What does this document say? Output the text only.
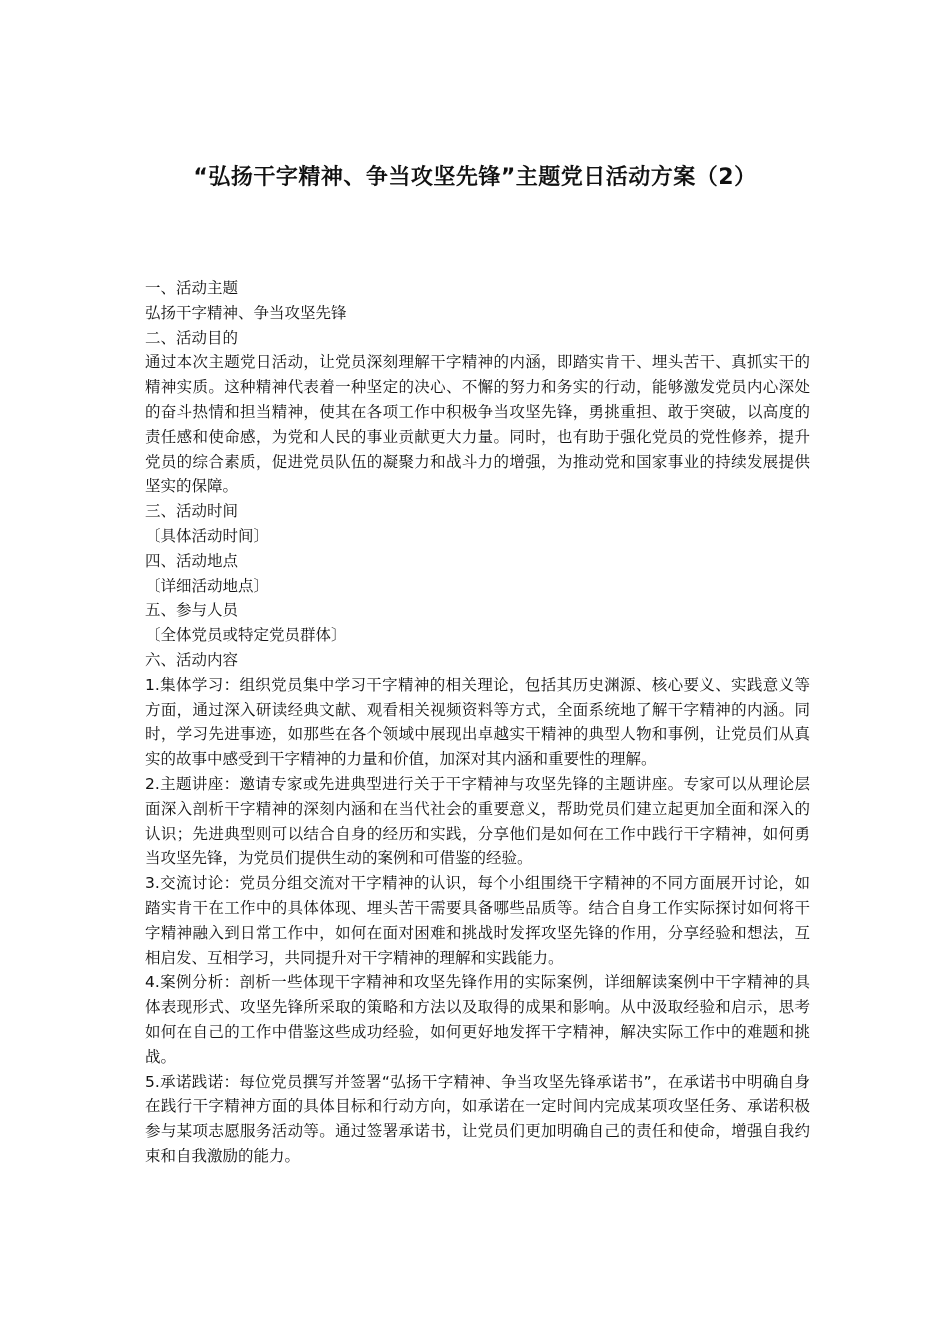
“弘扬干字精神、争当攻坚先锋”主题党日活动方案（2）

一、活动主题

弘扬干字精神、争当攻坚先锋

二、活动目的

通过本次主题党日活动，让党员深刻理解干字精神的内涵，即踏实肯干、埋头苦干、真抓实干的精神实质。这种精神代表着一种坚定的决心、不懈的努力和务实的行动，能够激发党员内心深处的奋斗热情和担当精神，使其在各项工作中积极争当攻坚先锋，勇挑重担、敢于突破，以高度的责任感和使命感，为党和人民的事业贡献更大力量。同时，也有助于强化党员的党性修养，提升党员的综合素质，促进党员队伍的凝聚力和战斗力的增强，为推动党和国家事业的持续发展提供坚实的保障。

三、活动时间

〔具体活动时间〕

四、活动地点

〔详细活动地点〕

五、参与人员

〔全体党员或特定党员群体〕

六、活动内容

1.集体学习：组织党员集中学习干字精神的相关理论，包括其历史渊源、核心要义、实践意义等方面，通过深入研读经典文献、观看相关视频资料等方式，全面系统地了解干字精神的内涵。同时，学习先进事迹，如那些在各个领域中展现出卓越实干精神的典型人物和事例，让党员们从真实的故事中感受到干字精神的力量和价值，加深对其内涵和重要性的理解。

2.主题讲座：邀请专家或先进典型进行关于干字精神与攻坚先锋的主题讲座。专家可以从理论层面深入剖析干字精神的深刻内涵和在当代社会的重要意义，帮助党员们建立起更加全面和深入的认识；先进典型则可以结合自身的经历和实践，分享他们是如何在工作中践行干字精神，如何勇当攻坚先锋，为党员们提供生动的案例和可借鉴的经验。

3.交流讨论：党员分组交流对干字精神的认识，每个小组围绕干字精神的不同方面展开讨论，如踏实肯干在工作中的具体体现、埋头苦干需要具备哪些品质等。结合自身工作实际探讨如何将干字精神融入到日常工作中，如何在面对困难和挑战时发挥攻坚先锋的作用，分享经验和想法，互相启发、互相学习，共同提升对干字精神的理解和实践能力。

4.案例分析：剖析一些体现干字精神和攻坚先锋作用的实际案例，详细解读案例中干字精神的具体表现形式、攻坚先锋所采取的策略和方法以及取得的成果和影响。从中汲取经验和启示，思考如何在自己的工作中借鉴这些成功经验，如何更好地发挥干字精神，解决实际工作中的难题和挑战。

5.承诺践诺：每位党员撰写并签署“弘扬干字精神、争当攻坚先锋承诺书”，在承诺书中明确自身在践行干字精神方面的具体目标和行动方向，如承诺在一定时间内完成某项攻坚任务、承诺积极参与某项志愿服务活动等。通过签署承诺书，让党员们更加明确自己的责任和使命，增强自我约束和自我激励的能力。
